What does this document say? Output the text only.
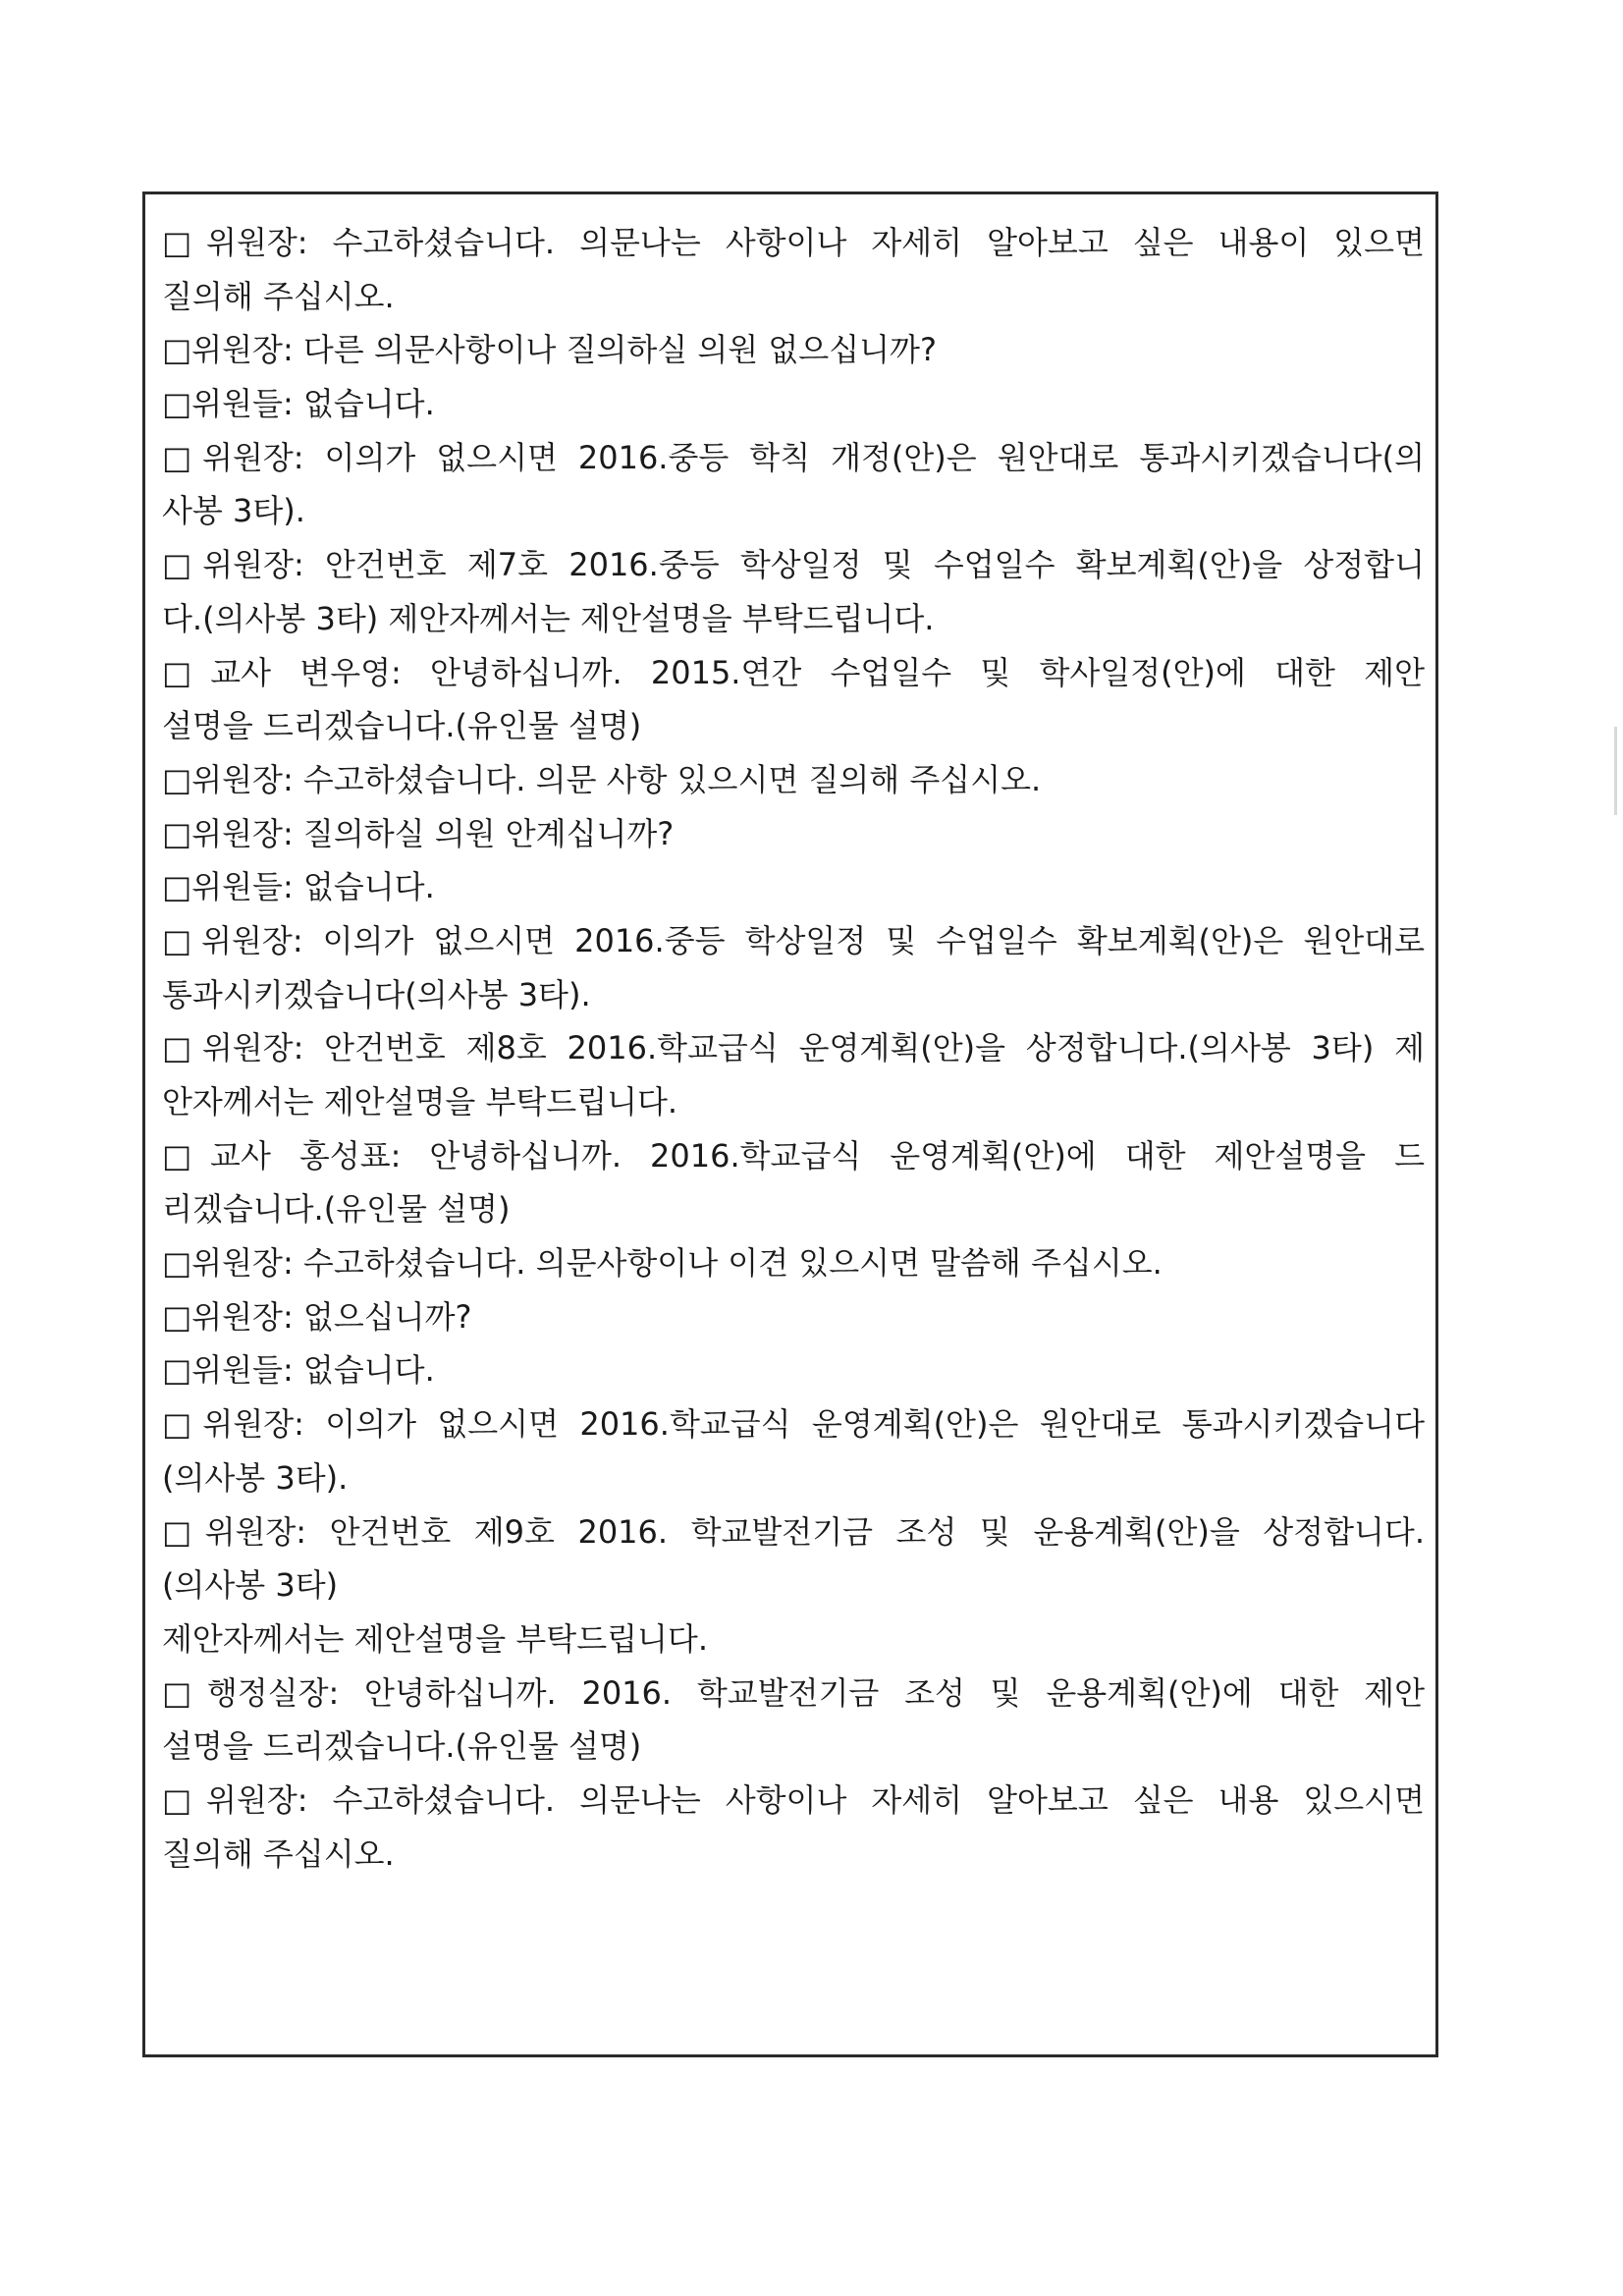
□위원장: 수고하셨습니다. 의문나는 사항이나 자세히 알아보고 싶은 내용이 있으면
질의해 주십시오.
□위원장: 다른 의문사항이나 질의하실 의원 없으십니까?
□위원들: 없습니다.
□위원장: 이의가 없으시면 2016.중등 학칙 개정(안)은 원안대로 통과시키겠습니다(의
사봉 3타).
□위원장: 안건번호 제7호 2016.중등 학상일정 및 수업일수 확보계획(안)을 상정합니
다.(의사봉 3타) 제안자께서는 제안설명을 부탁드립니다.
□교사 변우영: 안녕하십니까. 2015.연간 수업일수 및 학사일정(안)에 대한 제안
설명을 드리겠습니다.(유인물 설명)
□위원장: 수고하셨습니다. 의문 사항 있으시면 질의해 주십시오.
□위원장: 질의하실 의원 안계십니까?
□위원들: 없습니다.
□위원장: 이의가 없으시면 2016.중등 학상일정 및 수업일수 확보계획(안)은 원안대로
통과시키겠습니다(의사봉 3타).
□위원장: 안건번호 제8호 2016.학교급식 운영계획(안)을 상정합니다.(의사봉 3타) 제
안자께서는 제안설명을 부탁드립니다.
□교사 홍성표: 안녕하십니까. 2016.학교급식 운영계획(안)에 대한 제안설명을 드
리겠습니다.(유인물 설명)
□위원장: 수고하셨습니다. 의문사항이나 이견 있으시면 말씀해 주십시오.
□위원장: 없으십니까?
□위원들: 없습니다.
□위원장: 이의가 없으시면 2016.학교급식 운영계획(안)은 원안대로 통과시키겠습니다
(의사봉 3타).
□위원장: 안건번호 제9호 2016. 학교발전기금 조성 및 운용계획(안)을 상정합니다.
(의사봉 3타)
제안자께서는 제안설명을 부탁드립니다.
□행정실장: 안녕하십니까. 2016. 학교발전기금 조성 및 운용계획(안)에 대한 제안
설명을 드리겠습니다.(유인물 설명)
□위원장: 수고하셨습니다. 의문나는 사항이나 자세히 알아보고 싶은 내용 있으시면
질의해 주십시오.
